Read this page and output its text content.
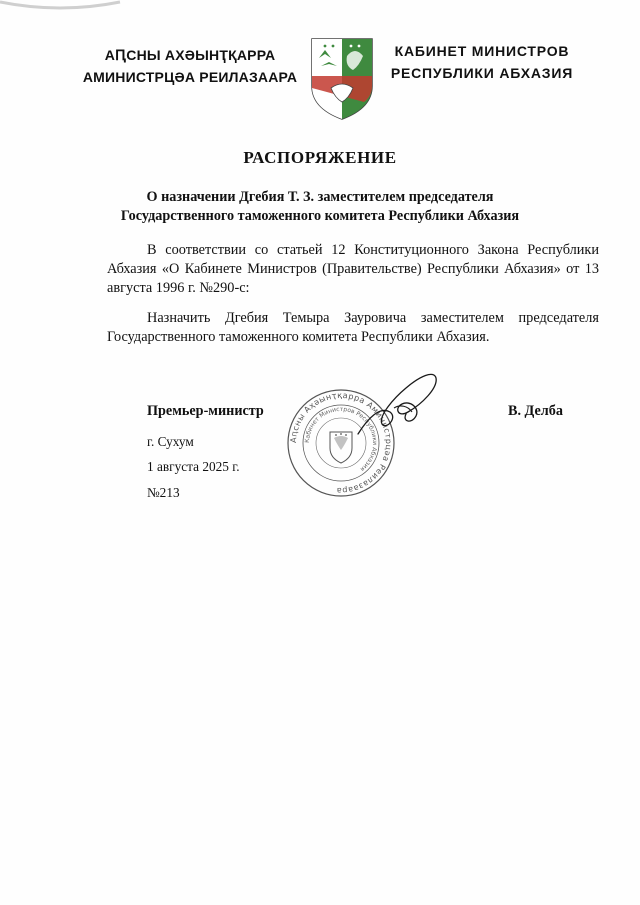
АԤСНЫ АХӘЫНҬҚАРРА
АМИНИСТРЦӘА РЕИЛАЗААРА
КАБИНЕТ МИНИСТРОВ
РЕСПУБЛИКИ АБХАЗИЯ
РАСПОРЯЖЕНИЕ
О назначении Дгебия Т. З. заместителем председателя
Государственного таможенного комитета Республики Абхазия
В соответствии со статьей 12 Конституционного Закона Республики Абхазия «О Кабинете Министров (Правительстве) Республики Абхазия» от 13 августа 1996 г. №290-с:
Назначить Дгебия Темыра Зауровича заместителем председателя Государственного таможенного комитета Республики Абхазия.
Премьер-министр
Аԥсны Аҳәынҭқарра Аминистрцәа Реилазаара
Кабинет Министров Республики Абхазия
В. Делба
г. Сухум
1 августа 2025 г.
№213
